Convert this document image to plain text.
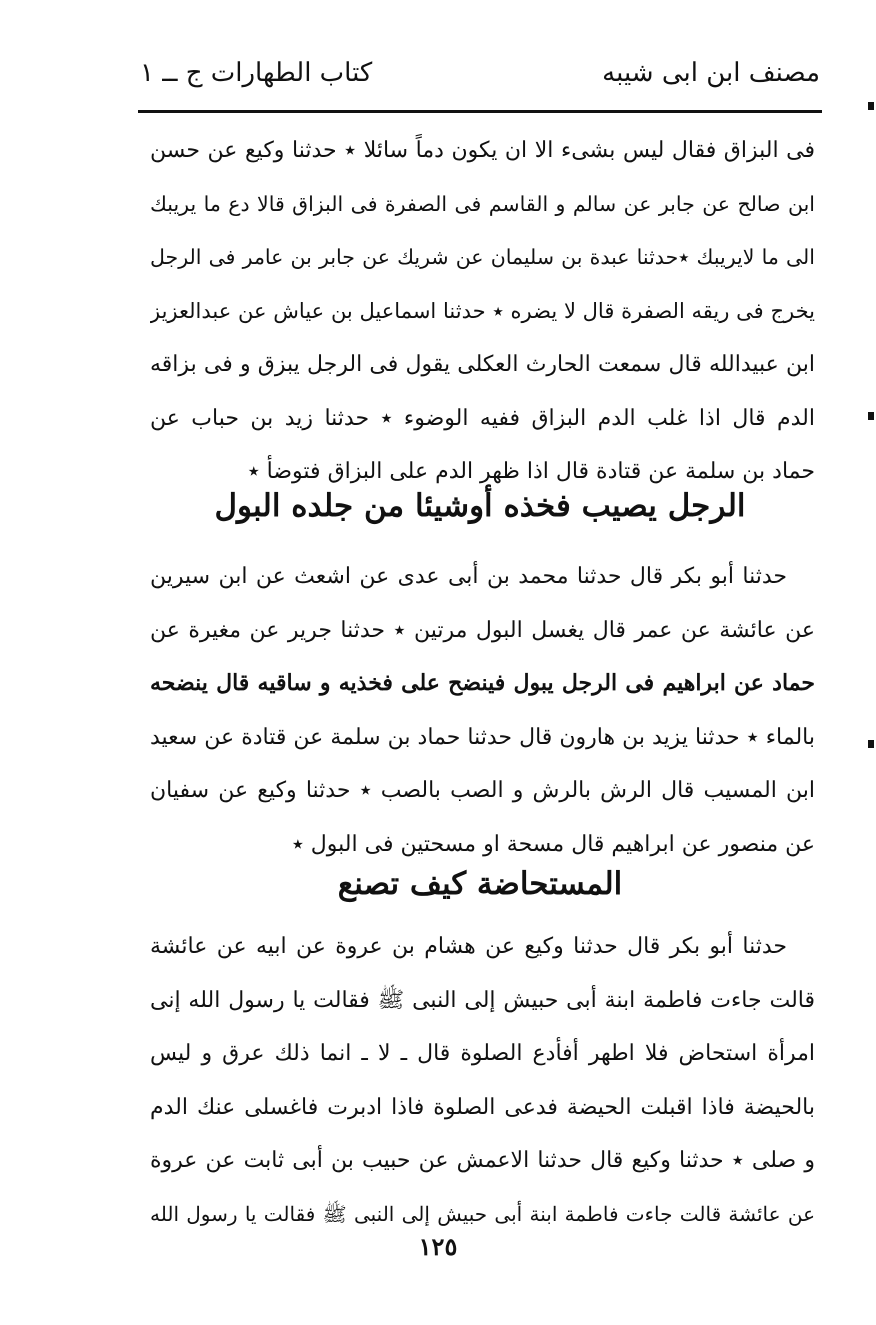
مصنف ابن ابى شيبه
كتاب الطهارات ج ــ ١
فى البزاق فقال ليس بشىء الا ان يكون دماً سائلا ٭ حدثنا وكيع عن حسن
ابن صالح عن جابر عن سالم و القاسم فى الصفرة فى البزاق قالا دع ما يريبك
الى ما لايريبك ٭حدثنا عبدة بن سليمان عن شريك عن جابر بن عامر فى الرجل
يخرج فى ريقه الصفرة قال لا يضره ٭ حدثنا اسماعيل بن عياش عن عبدالعزيز
ابن عبيدالله قال سمعت الحارث العكلى يقول فى الرجل يبزق و فى بزاقه
الدم قال اذا غلب الدم البزاق ففيه الوضوء ٭ حدثنا زيد بن حباب عن
حماد بن سلمة عن قتادة قال اذا ظهر الدم على البزاق فتوضأ ٭
الرجل يصيب فخذه أوشيئا من جلده البول
حدثنا أبو بكر قال حدثنا محمد بن أبى عدى عن اشعث عن ابن سيرين
عن عائشة عن عمر قال يغسل البول مرتين ٭ حدثنا جرير عن مغيرة عن
حماد عن ابراهيم فى الرجل يبول فينضح على فخذيه و ساقيه قال ينضحه
بالماء ٭ حدثنا يزيد بن هارون قال حدثنا حماد بن سلمة عن قتادة عن سعيد
ابن المسيب قال الرش بالرش و الصب بالصب ٭ حدثنا وكيع عن سفيان
عن منصور عن ابراهيم قال مسحة او مسحتين فى البول ٭
المستحاضة كيف تصنع
حدثنا أبو بكر قال حدثنا وكيع عن هشام بن عروة عن ابيه عن عائشة
قالت جاءت فاطمة ابنة أبى حبيش إلى النبى ﷺ فقالت يا رسول الله إنى
امرأة استحاض فلا اطهر أفأدع الصلوة قال ـ لا ـ انما ذلك عرق و ليس
بالحيضة فاذا اقبلت الحيضة فدعى الصلوة فاذا ادبرت فاغسلى عنك الدم
و صلى ٭ حدثنا وكيع قال حدثنا الاعمش عن حبيب بن أبى ثابت عن عروة
عن عائشة قالت جاءت فاطمة ابنة أبى حبيش إلى النبى ﷺ فقالت يا رسول الله
١٢٥
